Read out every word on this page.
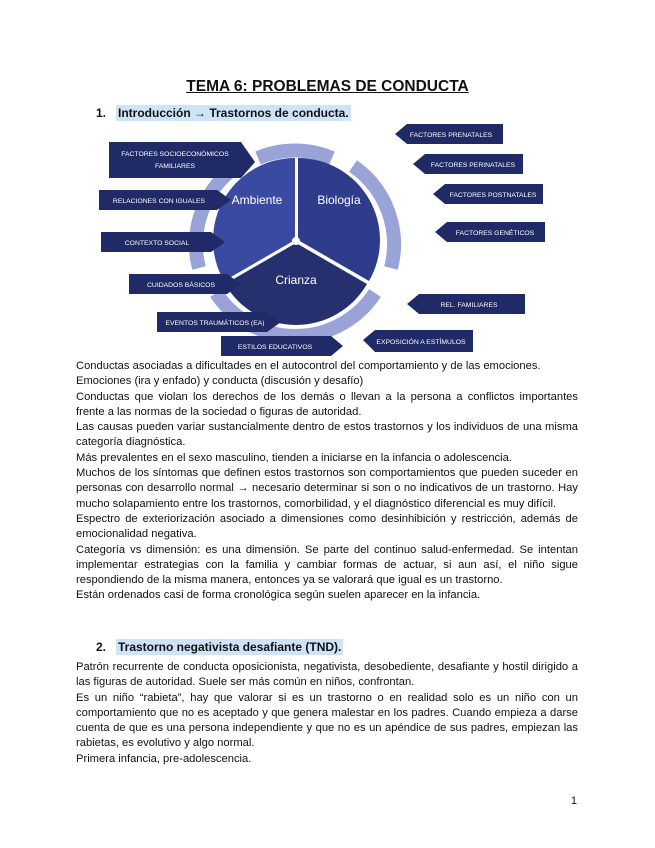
TEMA 6: PROBLEMAS DE CONDUCTA
1. Introducción → Trastornos de conducta.
Ambiente	Biología
Crianza
FACTORES SOCIOECONÓMICOS
FAMILIARES
RELACIONES CON IGUALES
CONTEXTO SOCIAL
FACTORES PRENATALES
FACTORES PERINATALES
FACTORES POSTNATALES
FACTORES GENÉTICOS
CUIDADOS BÁSICOS
EVENTOS TRAUMÁTICOS (EA)
ESTILOS EDUCATIVOS
EXPOSICIÓN A ESTÍMULOS
REL. FAMILIARES

Conductas asociadas a dificultades en el autocontrol del comportamiento y de las emociones.

Emociones (ira y enfado) y conducta (discusión y desafío)

Conductas que violan los derechos de los demás o llevan a la persona a conflictos importantes frente a las normas de la sociedad o figuras de autoridad.

Las causas pueden variar sustancialmente dentro de estos trastornos y los individuos de una misma categoría diagnóstica.

Más prevalentes en el sexo masculino, tienden a iniciarse en la infancia o adolescencia.

Muchos de los síntomas que definen estos trastornos son comportamientos que pueden suceder en personas con desarrollo normal → necesario determinar si son o no indicativos de un trastorno. Hay mucho solapamiento entre los trastornos, comorbilidad, y el diagnóstico diferencial es muy difícil.

Espectro de exteriorización asociado a dimensiones como desinhibición y restricción, además de emocionalidad negativa.

Categoría vs dimensión: es una dimensión. Se parte del continuo salud-enfermedad. Se intentan implementar estrategias con la familia y cambiar formas de actuar, si aun así, el niño sigue respondiendo de la misma manera, entonces ya se valorará que igual es un trastorno.

Están ordenados casi de forma cronológica según suelen aparecer en la infancia.

2. Trastorno negativista desafiante (TND).

Patrón recurrente de conducta oposicionista, negativista, desobediente, desafiante y hostil dirigido a las figuras de autoridad. Suele ser más común en niños, confrontan.

Es un niño “rabieta”, hay que valorar si es un trastorno o en realidad solo es un niño con un comportamiento que no es aceptado y que genera malestar en los padres. Cuando empieza a darse cuenta de que es una persona independiente y que no es un apéndice de sus padres, empiezan las rabietas, es evolutivo y algo normal.

Primera infancia, pre-adolescencia.

1
